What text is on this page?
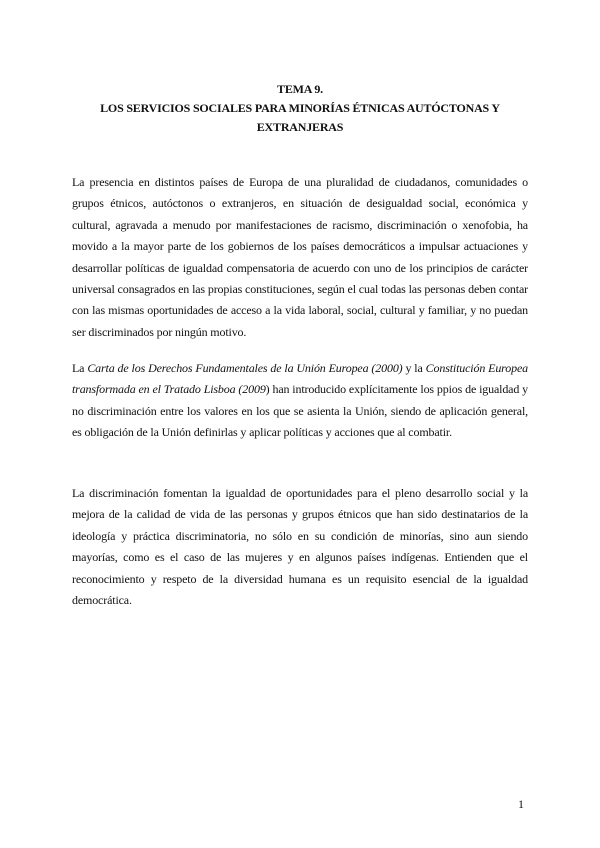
TEMA 9.
LOS SERVICIOS SOCIALES PARA MINORÍAS ÉTNICAS AUTÓCTONAS Y
EXTRANJERAS

La presencia en distintos países de Europa de una pluralidad de ciudadanos, comunidades o grupos étnicos, autóctonos o extranjeros, en situación de desigualdad social, económica y cultural, agravada a menudo por manifestaciones de racismo, discriminación o xenofobia, ha movido a la mayor parte de los gobiernos de los países democráticos a impulsar actuaciones y desarrollar políticas de igualdad compensatoria de acuerdo con uno de los principios de carácter universal consagrados en las propias constituciones, según el cual todas las personas deben contar con las mismas oportunidades de acceso a la vida laboral, social, cultural y familiar, y no puedan ser discriminados por ningún motivo.

La Carta de los Derechos Fundamentales de la Unión Europea (2000) y la Constitución Europea transformada en el Tratado Lisboa (2009) han introducido explícitamente los ppios de igualdad y no discriminación entre los valores en los que se asienta la Unión, siendo de aplicación general, es obligación de la Unión definirlas y aplicar políticas y acciones que al combatir.

La discriminación fomentan la igualdad de oportunidades para el pleno desarrollo social y la mejora de la calidad de vida de las personas y grupos étnicos que han sido destinatarios de la ideología y práctica discriminatoria, no sólo en su condición de minorías, sino aun siendo mayorías, como es el caso de las mujeres y en algunos países indígenas. Entienden que el reconocimiento y respeto de la diversidad humana es un requisito esencial de la igualdad democrática.

1
